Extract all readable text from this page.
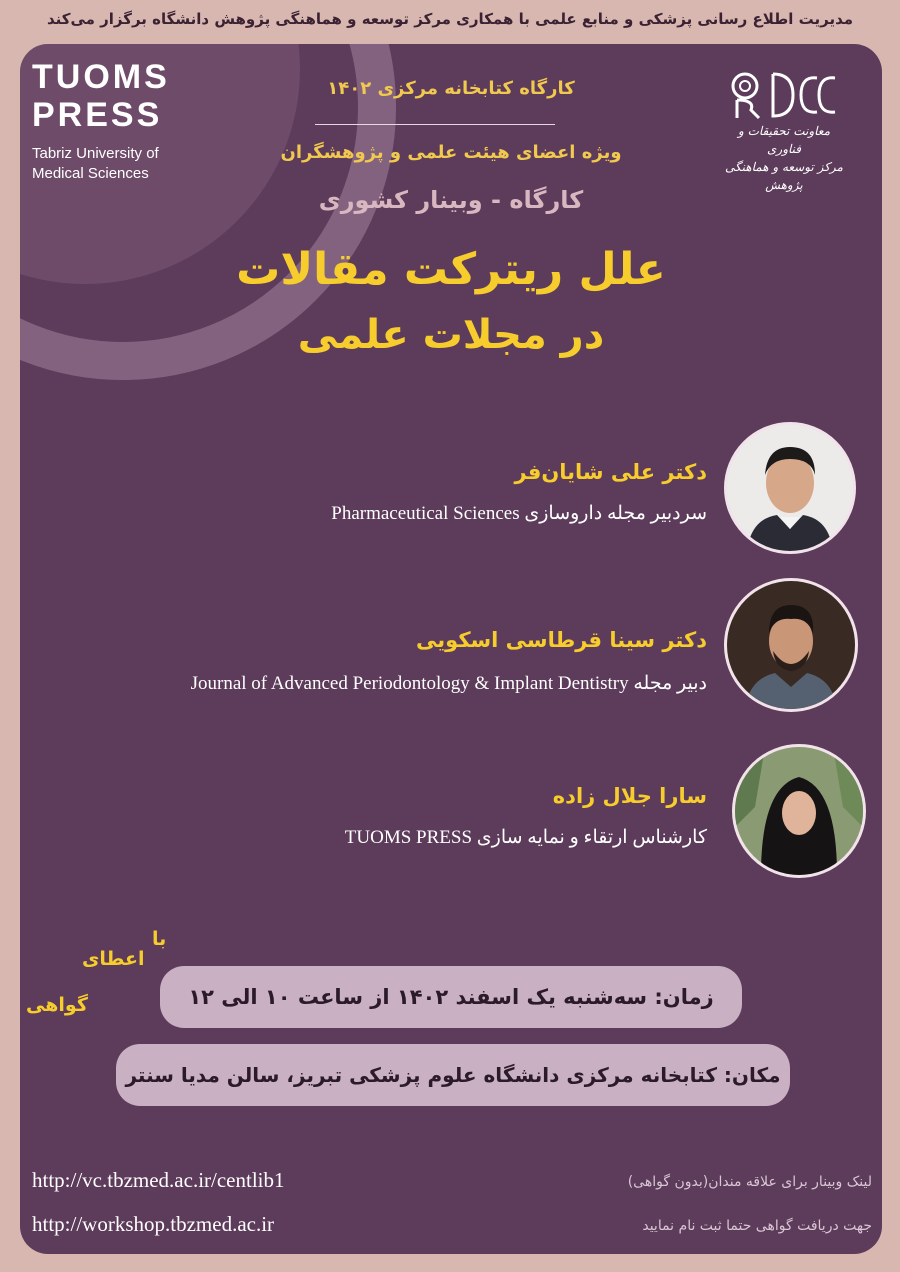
مدیریت اطلاع رسانی پزشکی و منابع علمی با همکاری مرکز توسعه و هماهنگی پژوهش دانشگاه برگزار می‌کند
TUOMS
PRESS
Tabriz University of
Medical Sciences
معاونت تحقیقات و فناوری
مرکز توسعه و هماهنگی پژوهش
کارگاه کتابخانه مرکزی ۱۴۰۲
ویژه اعضای هیئت علمی و پژوهشگران
کارگاه - وبینار کشوری
علل ریترکت مقالات
در مجلات علمی
دکتر علی شایان‌فر
سردبیر مجله داروسازی Pharmaceutical Sciences
دکتر سینا قرطاسی اسکویی
دبیر مجله Journal of Advanced Periodontology & Implant Dentistry
سارا جلال زاده
کارشناس ارتقاء و نمایه سازی TUOMS PRESS
با
اعطای
گواهی	زمان: سه‌شنبه یک اسفند ۱۴۰۲ از ساعت ۱۰ الی ۱۲
مکان: کتابخانه مرکزی دانشگاه علوم پزشکی تبریز، سالن مدیا سنتر
http://vc.tbzmed.ac.ir/centlib1	لینک وبینار برای علاقه مندان(بدون گواهی)
http://workshop.tbzmed.ac.ir	جهت دریافت گواهی حتما ثبت نام نمایید
